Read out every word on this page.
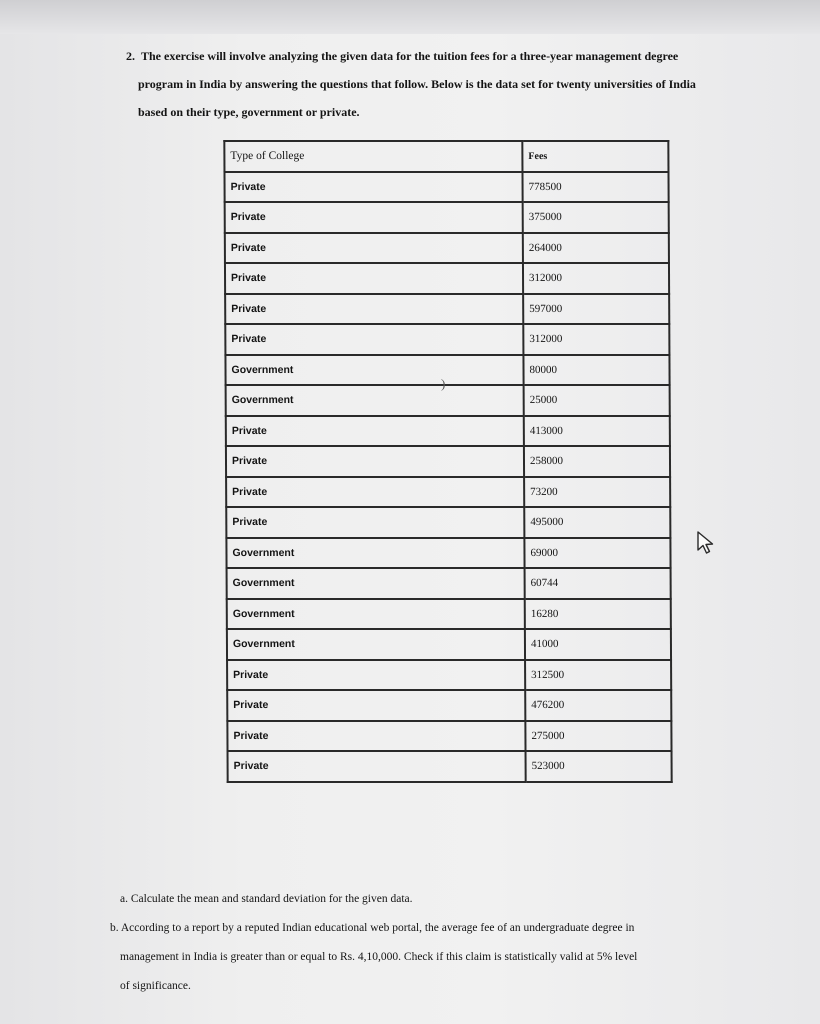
2. The exercise will involve analyzing the given data for the tuition fees for a three-year management degree
program in India by answering the questions that follow. Below is the data set for twenty universities of India
based on their type, government or private.
Type of College	Fees
Private	778500
Private	375000
Private	264000
Private	312000
Private	597000
Private	312000
Government	80000
Government	25000
Private	413000
Private	258000
Private	73200
Private	495000
Government	69000
Government	60744
Government	16280
Government	41000
Private	312500
Private	476200
Private	275000
Private	523000
)
a. Calculate the mean and standard deviation for the given data.
b. According to a report by a reputed Indian educational web portal, the average fee of an undergraduate degree in
management in India is greater than or equal to Rs. 4,10,000. Check if this claim is statistically valid at 5% level
of significance.
